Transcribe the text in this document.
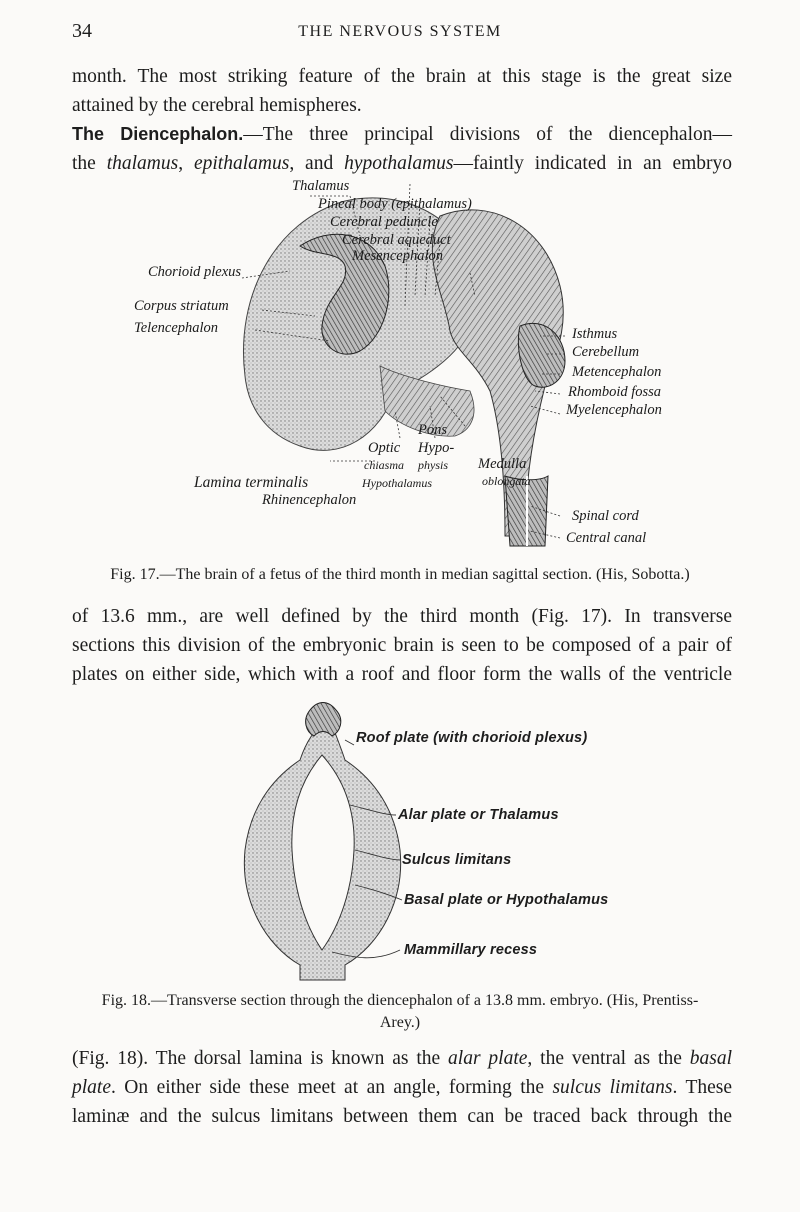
34	THE NERVOUS SYSTEM
month. The most striking feature of the brain at this stage is the great size
attained by the cerebral hemispheres.
The Diencephalon.—The three principal divisions of the diencephalon—
the thalamus, epithalamus, and hypothalamus—faintly indicated in an embryo
Thalamus
Pineal body (epithalamus)
Cerebral peduncle
Cerebral aqueduct
Mesencephalon
Chorioid plexus
Corpus striatum
Telencephalon	Isthmus
Cerebellum
Metencephalon
Rhomboid fossa
Myelencephalon
Pons
Optic Hypo-
chiasma physis Medulla
Hypothalamus	oblongata
Lamina terminalis
Rhinencephalon
Spinal cord
Central canal
Fig. 17.—The brain of a fetus of the third month in median sagittal section. (His, Sobotta.)
of 13.6 mm., are well defined by the third month (Fig. 17). In transverse
sections this division of the embryonic brain is seen to be composed of a pair of
plates on either side, which with a roof and floor form the walls of the ventricle
Roof plate (with chorioid plexus)
Alar plate or Thalamus
Sulcus limitans
Basal plate or Hypothalamus
Mammillary recess
Fig. 18.—Transverse section through the diencephalon of a 13.8 mm. embryo. (His, Prentiss-
Arey.)
(Fig. 18). The dorsal lamina is known as the alar plate, the ventral as the basal
plate. On either side these meet at an angle, forming the sulcus limitans. These
laminæ and the sulcus limitans between them can be traced back through the
